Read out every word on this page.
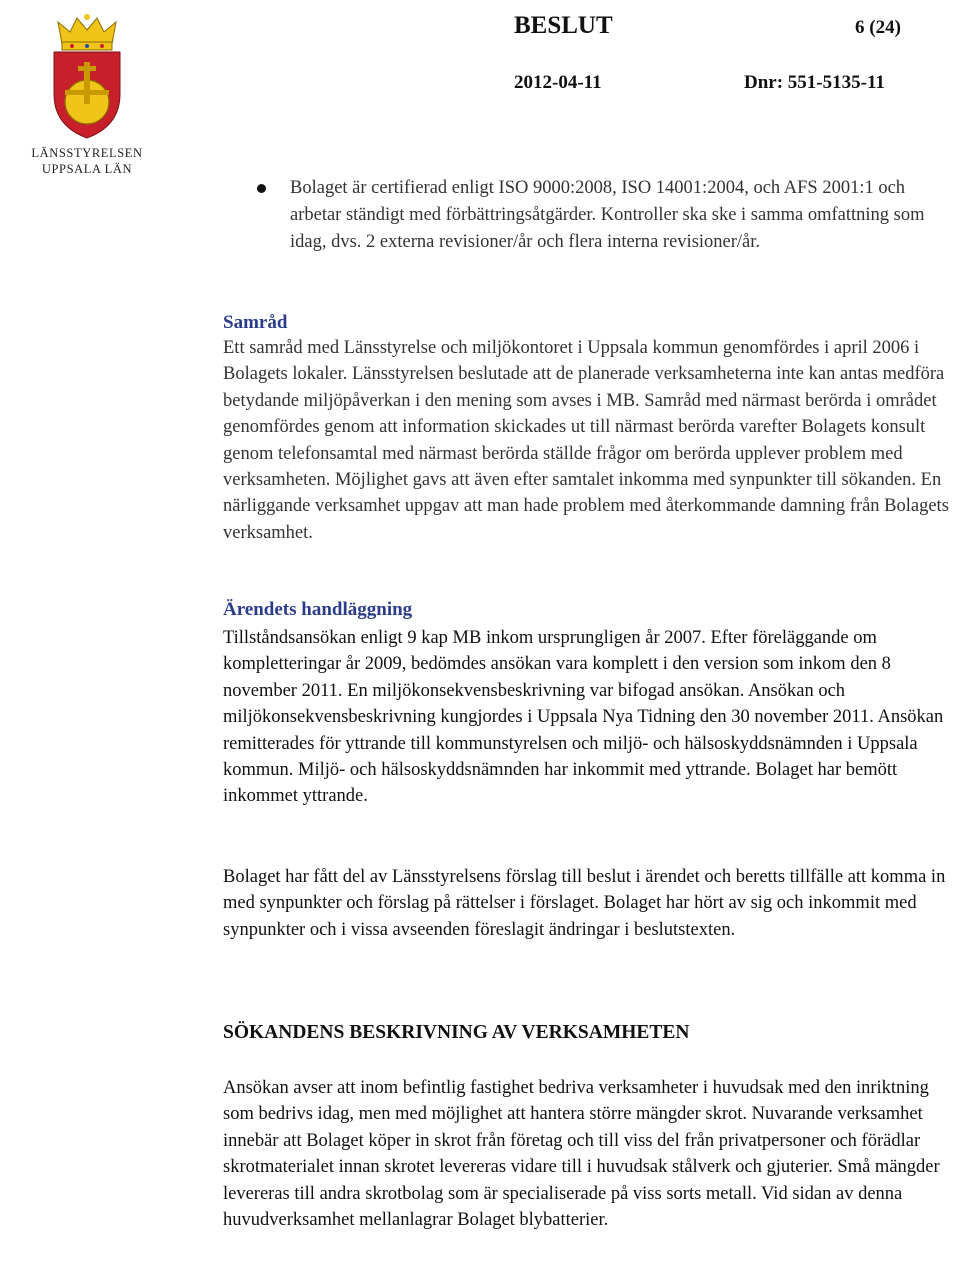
LÄNSSTYRELSEN
UPPSALA LÄN
BESLUT	6 (24)
2012-04-11	Dnr: 551-5135-11
Bolaget är certifierad enligt ISO 9000:2008, ISO 14001:2004, och AFS 2001:1 och arbetar ständigt med förbättringsåtgärder. Kontroller ska ske i samma omfattning som idag, dvs. 2 externa revisioner/år och flera interna revisioner/år.
Samråd
Ett samråd med Länsstyrelse och miljökontoret i Uppsala kommun genomfördes i april 2006 i Bolagets lokaler. Länsstyrelsen beslutade att de planerade verksamheterna inte kan antas medföra betydande miljöpåverkan i den mening som avses i MB. Samråd med närmast berörda i området genomfördes genom att information skickades ut till närmast berörda varefter Bolagets konsult genom telefonsamtal med närmast berörda ställde frågor om berörda upplever problem med verksamheten. Möjlighet gavs att även efter samtalet inkomma med synpunkter till sökanden. En närliggande verksamhet uppgav att man hade problem med återkommande damning från Bolagets verksamhet.
Ärendets handläggning
Tillståndsansökan enligt 9 kap MB inkom ursprungligen år 2007. Efter föreläggande om kompletteringar år 2009, bedömdes ansökan vara komplett i den version som inkom den 8 november 2011. En miljökonsekvensbeskrivning var bifogad ansökan. Ansökan och miljökonsekvensbeskrivning kungjordes i Uppsala Nya Tidning den 30 november 2011. Ansökan remitterades för yttrande till kommunstyrelsen och miljö- och hälsoskyddsnämnden i Uppsala kommun. Miljö- och hälsoskyddsnämnden har inkommit med yttrande. Bolaget har bemött inkommet yttrande.
Bolaget har fått del av Länsstyrelsens förslag till beslut i ärendet och beretts tillfälle att komma in med synpunkter och förslag på rättelser i förslaget. Bolaget har hört av sig och inkommit med synpunkter och i vissa avseenden föreslagit ändringar i beslutstexten.
SÖKANDENS BESKRIVNING AV VERKSAMHETEN
Ansökan avser att inom befintlig fastighet bedriva verksamheter i huvudsak med den inriktning som bedrivs idag, men med möjlighet att hantera större mängder skrot. Nuvarande verksamhet innebär att Bolaget köper in skrot från företag och till viss del från privatpersoner och förädlar skrotmaterialet innan skrotet levereras vidare till i huvudsak stålverk och gjuterier. Små mängder levereras till andra skrotbolag som är specialiserade på viss sorts metall. Vid sidan av denna huvudverksamhet mellanlagrar Bolaget blybatterier.
